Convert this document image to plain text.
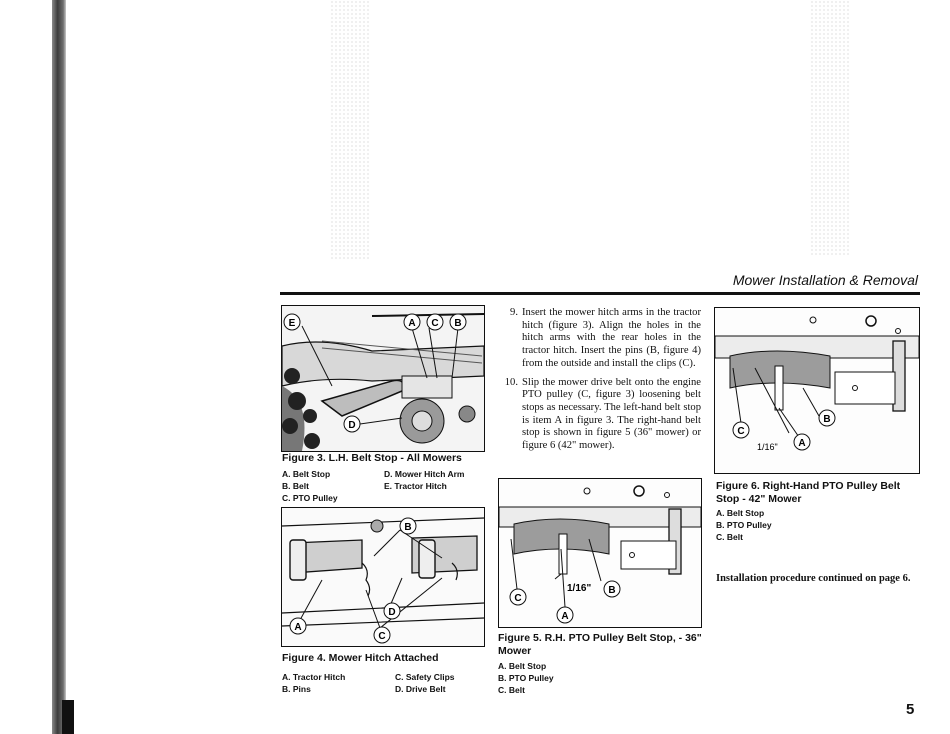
Mower Installation & Removal
E	A C B
D
Figure 3. L.H. Belt Stop - All Mowers
A. Belt Stop
B. Belt
C. PTO Pulley
D. Mower Hitch Arm
E. Tractor Hitch
B
A
D
C
Figure 4. Mower Hitch Attached
A. Tractor Hitch
B. Pins
C. Safety Clips
D. Drive Belt
9. Insert the mower hitch arms in the tractor hitch (figure 3). Align the holes in the hitch arms with the rear holes in the tractor hitch. Insert the pins (B, figure 4) from the outside and install the clips (C).
10. Slip the mower drive belt onto the engine PTO pulley (C, figure 3) loosening belt stops as necessary. The left-hand belt stop is item A in figure 3. The right-hand belt stop is shown in figure 5 (36" mower) or figure 6 (42" mower).
1/16" B
C
A
Figure 5. R.H. PTO Pulley Belt Stop, - 36" Mower
A. Belt Stop
B. PTO Pulley
C. Belt
1/16"
B
C
A
Figure 6. Right-Hand PTO Pulley Belt Stop - 42" Mower
A. Belt Stop
B. PTO Pulley
C. Belt
Installation procedure continued on page 6.
5
